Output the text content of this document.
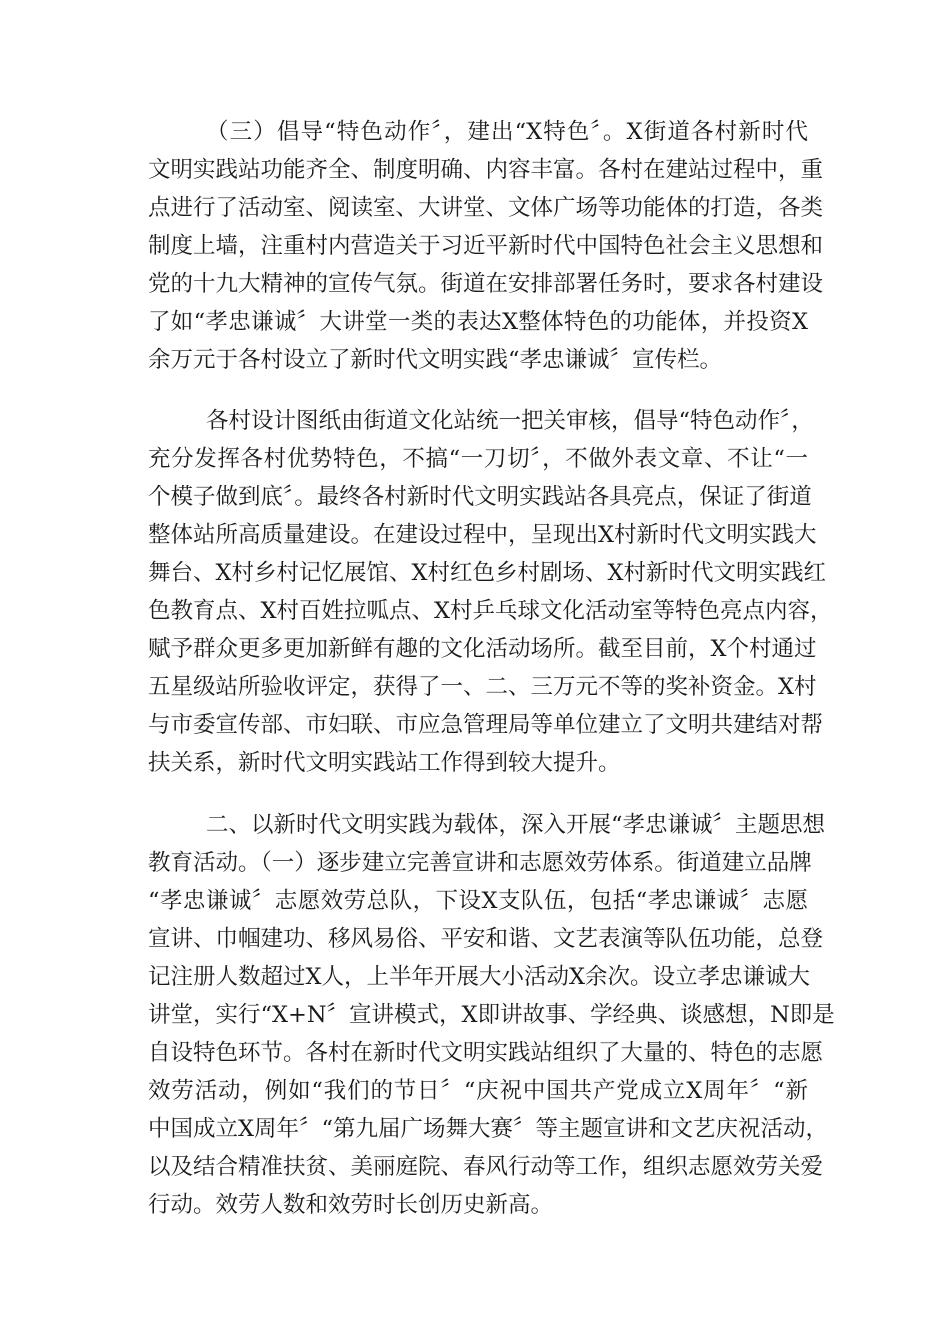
（三）倡导“特色动作〞，建出“X特色〞。X街道各村新时代
文明实践站功能齐全、制度明确、内容丰富。各村在建站过程中，重
点进行了活动室、阅读室、大讲堂、文体广场等功能体的打造，各类
制度上墙，注重村内营造关于习近平新时代中国特色社会主义思想和
党的十九大精神的宣传气氛。街道在安排部署任务时，要求各村建设
了如“孝忠谦诚〞大讲堂一类的表达X整体特色的功能体，并投资X
余万元于各村设立了新时代文明实践“孝忠谦诚〞宣传栏。
各村设计图纸由街道文化站统一把关审核，倡导“特色动作〞，
充分发挥各村优势特色，不搞“一刀切〞，不做外表文章、不让“一
个模子做到底〞。最终各村新时代文明实践站各具亮点，保证了街道
整体站所高质量建设。在建设过程中，呈现出X村新时代文明实践大
舞台、X村乡村记忆展馆、X村红色乡村剧场、X村新时代文明实践红
色教育点、X村百姓拉呱点、X村乒乓球文化活动室等特色亮点内容，
赋予群众更多更加新鲜有趣的文化活动场所。截至目前，X个村通过
五星级站所验收评定，获得了一、二、三万元不等的奖补资金。X村
与市委宣传部、市妇联、市应急管理局等单位建立了文明共建结对帮
扶关系，新时代文明实践站工作得到较大提升。
二、以新时代文明实践为载体，深入开展“孝忠谦诚〞主题思想
教育活动。（一）逐步建立完善宣讲和志愿效劳体系。街道建立品牌
“孝忠谦诚〞志愿效劳总队，下设X支队伍，包括“孝忠谦诚〞志愿
宣讲、巾帼建功、移风易俗、平安和谐、文艺表演等队伍功能，总登
记注册人数超过X人，上半年开展大小活动X余次。设立孝忠谦诚大
讲堂，实行“X+N〞宣讲模式，X即讲故事、学经典、谈感想，N即是
自设特色环节。各村在新时代文明实践站组织了大量的、特色的志愿
效劳活动，例如“我们的节日〞“庆祝中国共产党成立X周年〞“新
中国成立X周年〞“第九届广场舞大赛〞等主题宣讲和文艺庆祝活动，
以及结合精准扶贫、美丽庭院、春风行动等工作，组织志愿效劳关爱
行动。效劳人数和效劳时长创历史新高。
